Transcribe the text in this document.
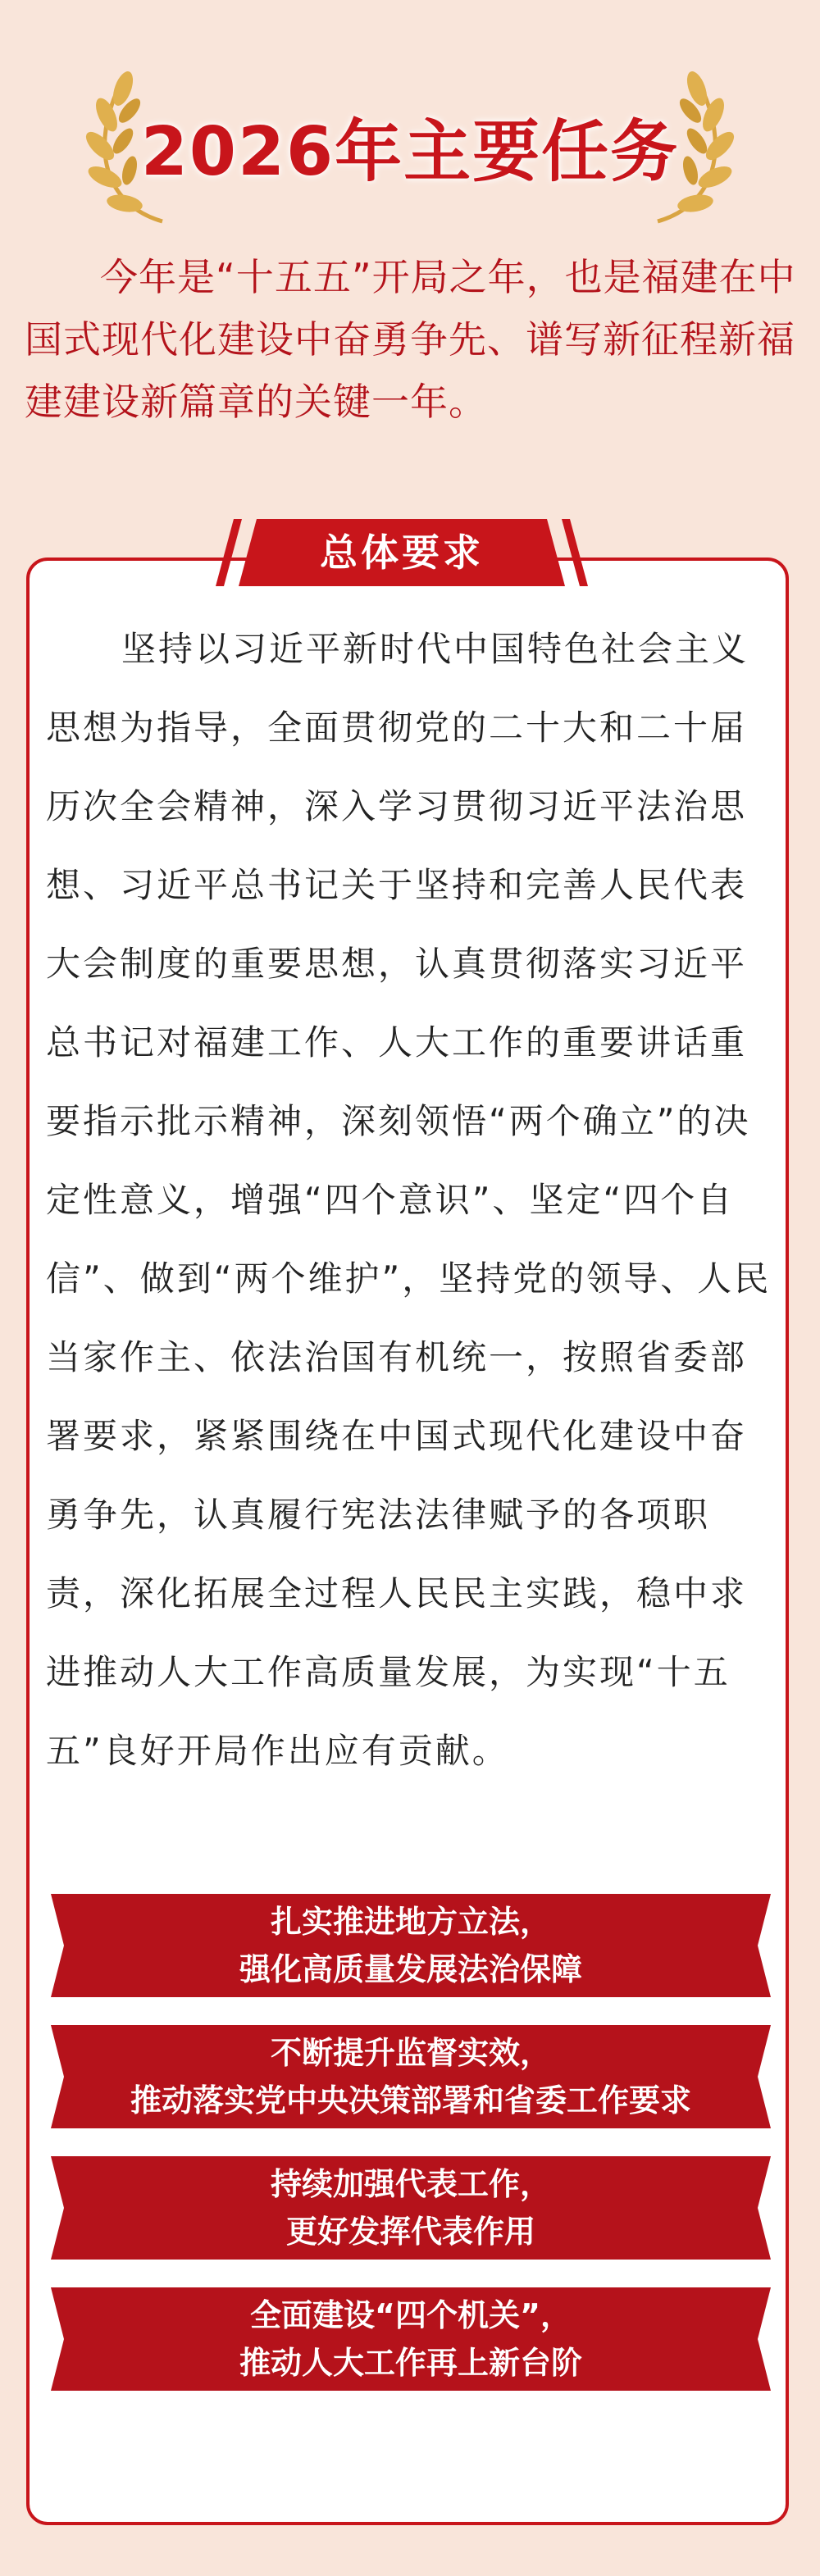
2026年主要任务
今年是“十五五”开局之年，也是福建在中国式现代化建设中奋勇争先、谱写新征程新福建建设新篇章的关键一年。
坚持以习近平新时代中国特色社会主义思想为指导，全面贯彻党的二十大和二十届历次全会精神，深入学习贯彻习近平法治思想、习近平总书记关于坚持和完善人民代表大会制度的重要思想，认真贯彻落实习近平总书记对福建工作、人大工作的重要讲话重要指示批示精神，深刻领悟“两个确立”的决定性意义，增强“四个意识”、坚定“四个自信”、做到“两个维护”，坚持党的领导、人民当家作主、依法治国有机统一，按照省委部署要求，紧紧围绕在中国式现代化建设中奋勇争先，认真履行宪法法律赋予的各项职责，深化拓展全过程人民民主实践，稳中求进推动人大工作高质量发展，为实现“十五五”良好开局作出应有贡献。
总体要求
扎实推进地方立法，
强化高质量发展法治保障
不断提升监督实效，
推动落实党中央决策部署和省委工作要求
持续加强代表工作，
更好发挥代表作用
全面建设“四个机关”，
推动人大工作再上新台阶
